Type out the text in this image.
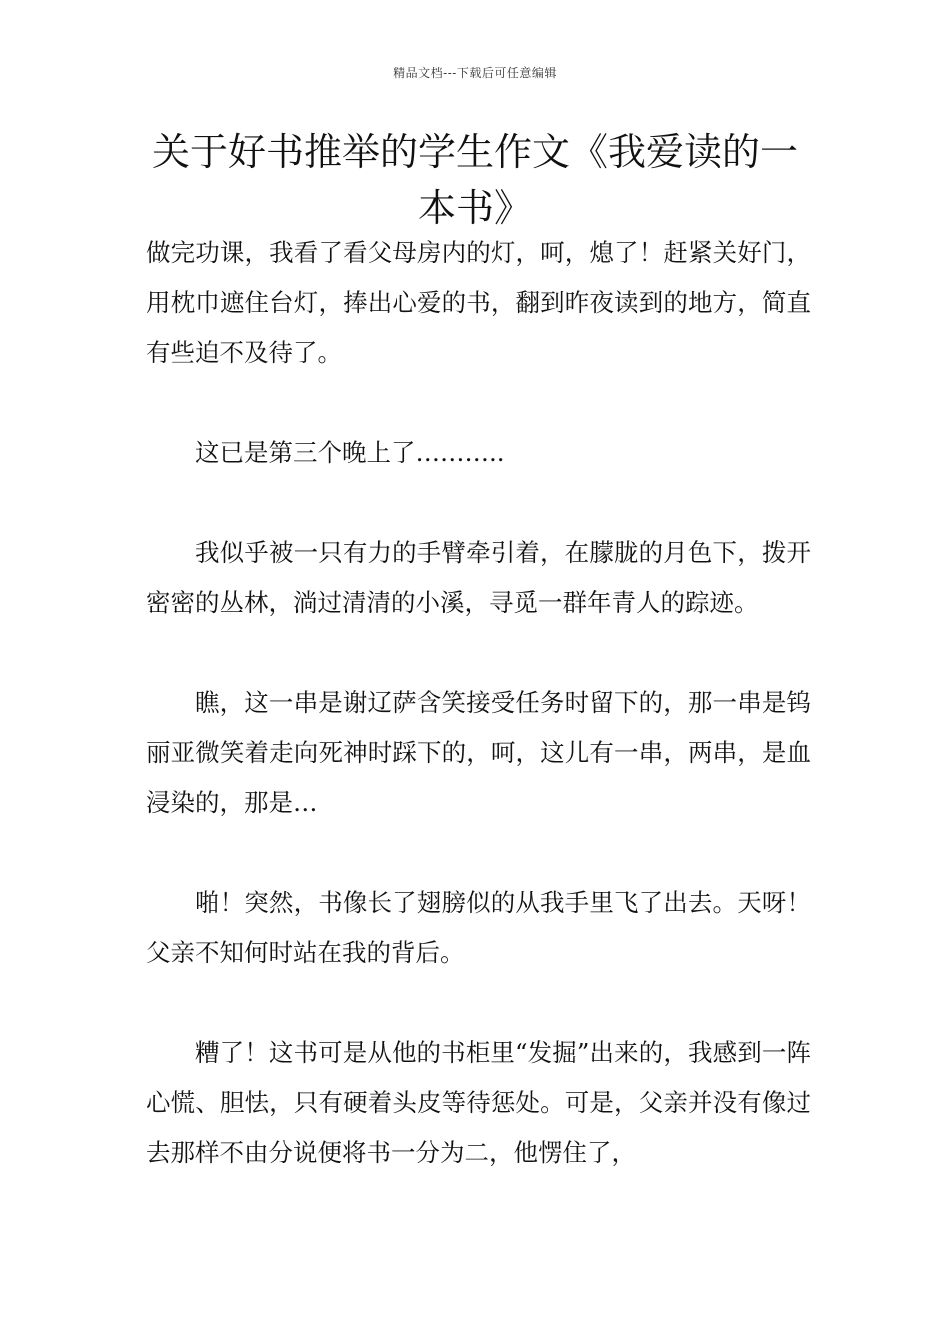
精品文档---下载后可任意编辑
关于好书推举的学生作文《我爱读的一本书》

做完功课，我看了看父母房内的灯，呵，熄了！赶紧关好门，用枕巾遮住台灯，捧出心爱的书，翻到昨夜读到的地方，简直有些迫不及待了。

这已是第三个晚上了………..

我似乎被一只有力的手臂牵引着，在朦胧的月色下，拨开密密的丛林，淌过清清的小溪，寻觅一群年青人的踪迹。

瞧，这一串是谢辽萨含笑接受任务时留下的，那一串是钨丽亚微笑着走向死神时踩下的，呵，这儿有一串，两串，是血浸染的，那是…

啪！突然，书像长了翅膀似的从我手里飞了出去。天呀！父亲不知何时站在我的背后。

糟了！这书可是从他的书柜里“发掘”出来的，我感到一阵心慌、胆怯，只有硬着头皮等待惩处。可是，父亲并没有像过去那样不由分说便将书一分为二，他愣住了，
